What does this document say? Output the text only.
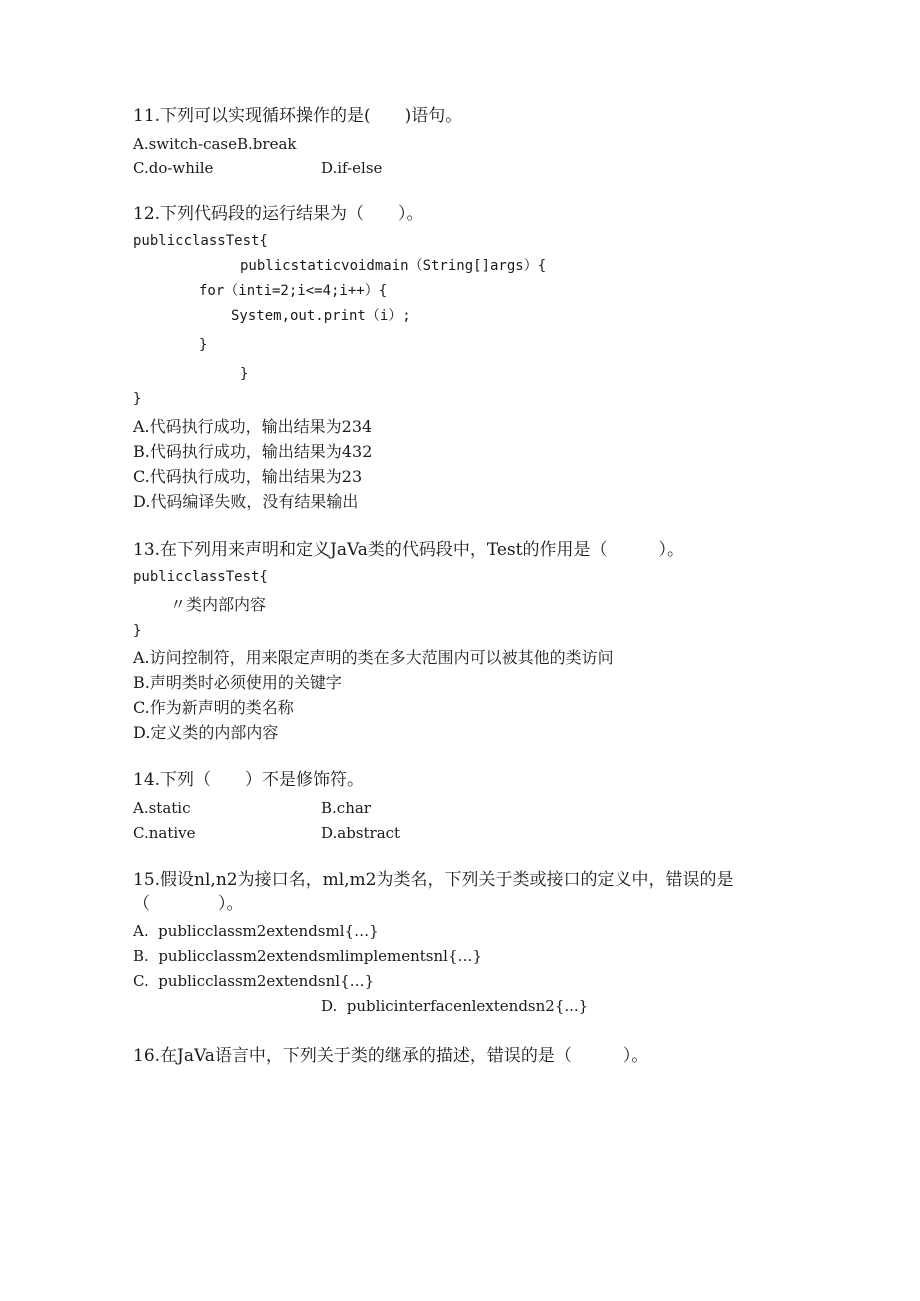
11.下列可以实现循环操作的是(　　)语句。
A.switch-caseB.break
C.do-while	D.if-else
12.下列代码段的运行结果为（　　）。
publicclassTest{
publicstaticvoidmain（String[]args）{
for（inti=2;i<=4;i++）{
System,out.print（i）;
}
}
}
A.代码执行成功，输出结果为234
B.代码执行成功，输出结果为432
C.代码执行成功，输出结果为23
D.代码编译失败，没有结果输出
13.在下列用来声明和定义JaVa类的代码段中，Test的作用是（　　　）。
publicclassTest{
〃类内部内容
}
A.访问控制符，用来限定声明的类在多大范围内可以被其他的类访问
B.声明类时必须使用的关键字
C.作为新声明的类名称
D.定义类的内部内容
14.下列（　　）不是修饰符。
A.static	B.char
C.native	D.abstract
15.假设nl,n2为接口名，ml,m2为类名，下列关于类或接口的定义中，错误的是
（　　　　）。
A.  publicclassm2extendsml{…}
B.  publicclassm2extendsmlimplementsnl{…}
C.  publicclassm2extendsnl{…}
D.  publicinterfacenlextendsn2{...}
16.在JaVa语言中，下列关于类的继承的描述，错误的是（　　　）。
